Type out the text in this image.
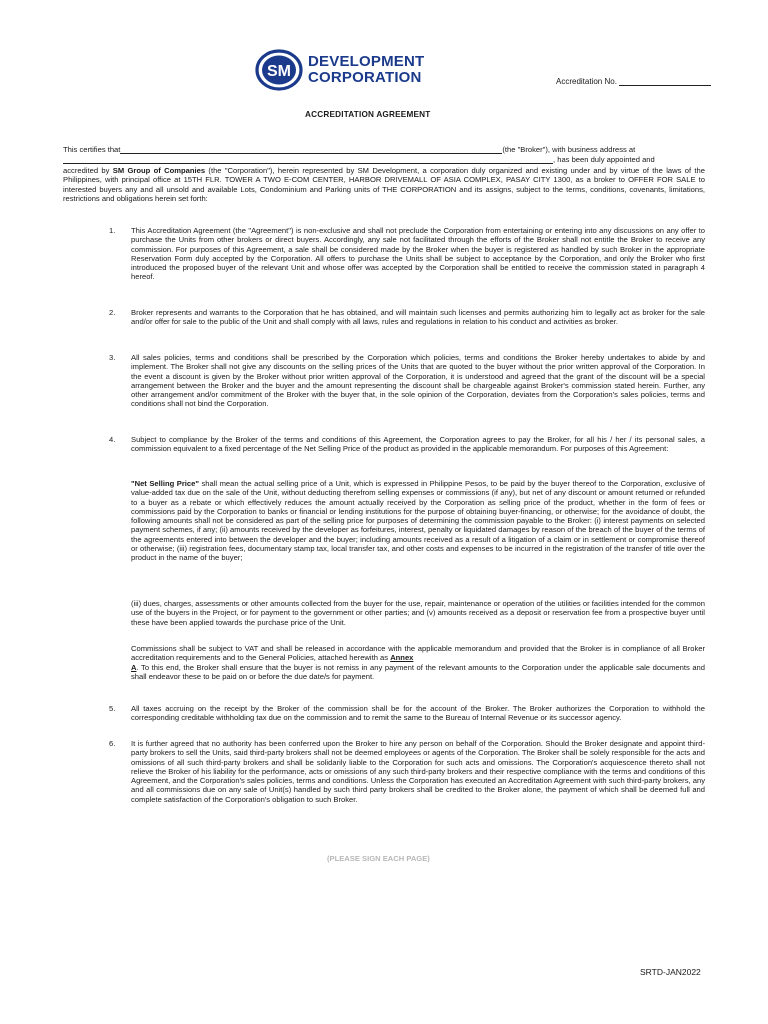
SM
DEVELOPMENT
CORPORATION	Accreditation No.
ACCREDITATION AGREEMENT
This certifies that	(the "Broker"), with business address at
, has been duly appointed and
accredited by SM Group of Companies (the "Corporation"), herein represented by SM Development, a corporation duly organized and existing under and by virtue of the laws of the Philippines, with principal office at 15TH FLR. TOWER A TWO E-COM CENTER, HARBOR DRIVEMALL OF ASIA COMPLEX, PASAY CITY 1300, as a broker to OFFER FOR SALE to interested buyers any and all unsold and available Lots, Condominium and Parking units of THE CORPORATION and its assigns, subject to the terms, conditions, covenants, limitations, restrictions and obligations herein set forth:
1. This Accreditation Agreement (the "Agreement") is non-exclusive and shall not preclude the Corporation from entertaining or entering into any discussions on any offer to purchase the Units from other brokers or direct buyers. Accordingly, any sale not facilitated through the efforts of the Broker shall not entitle the Broker to receive any commission. For purposes of this Agreement, a sale shall be considered made by the Broker when the buyer is registered as handled by such Broker in the appropriate Reservation Form duly accepted by the Corporation. All offers to purchase the Units shall be subject to acceptance by the Corporation, and only the Broker who first introduced the proposed buyer of the relevant Unit and whose offer was accepted by the Corporation shall be entitled to receive the commission stated in paragraph 4 hereof.
2. Broker represents and warrants to the Corporation that he has obtained, and will maintain such licenses and permits authorizing him to legally act as broker for the sale and/or offer for sale to the public of the Unit and shall comply with all laws, rules and regulations in relation to his conduct and activities as broker.
3. All sales policies, terms and conditions shall be prescribed by the Corporation which policies, terms and conditions the Broker hereby undertakes to abide by and implement. The Broker shall not give any discounts on the selling prices of the Units that are quoted to the buyer without the prior written approval of the Corporation. In the event a discount is given by the Broker without prior written approval of the Corporation, it is understood and agreed that the grant of the discount will be a special arrangement between the Broker and the buyer and the amount representing the discount shall be chargeable against Broker's commission stated herein. Further, any other arrangement and/or commitment of the Broker with the buyer that, in the sole opinion of the Corporation, deviates from the Corporation's sales policies, terms and conditions shall not bind the Corporation.
4. Subject to compliance by the Broker of the terms and conditions of this Agreement, the Corporation agrees to pay the Broker, for all his / her / its personal sales, a commission equivalent to a fixed percentage of the Net Selling Price of the product as provided in the applicable memorandum. For purposes of this Agreement:
"Net Selling Price" shall mean the actual selling price of a Unit, which is expressed in Philippine Pesos, to be paid by the buyer thereof to the Corporation, exclusive of value-added tax due on the sale of the Unit, without deducting therefrom selling expenses or commissions (if any), but net of any discount or amount returned or refunded to a buyer as a rebate or which effectively reduces the amount actually received by the Corporation as selling price of the product, whether in the form of fees or commissions paid by the Corporation to banks or financial or lending institutions for the purpose of obtaining buyer-financing, or otherwise; for the avoidance of doubt, the following amounts shall not be considered as part of the selling price for purposes of determining the commission payable to the Broker: (i) interest payments on selected payment schemes, if any; (ii) amounts received by the developer as forfeitures, interest, penalty or liquidated damages by reason of the breach of the buyer of the terms of the agreements entered into between the developer and the buyer; including amounts received as a result of a litigation of a claim or in settlement or compromise thereof or otherwise; (iii) registration fees, documentary stamp tax, local transfer tax, and other costs and expenses to be incurred in the registration of the transfer of title over the product in the name of the buyer;
(iii) dues, charges, assessments or other amounts collected from the buyer for the use, repair, maintenance or operation of the utilities or facilities intended for the common use of the buyers in the Project, or for payment to the government or other parties; and (v) amounts received as a deposit or reservation fee from a prospective buyer until these have been applied towards the purchase price of the Unit.
Commissions shall be subject to VAT and shall be released in accordance with the applicable memorandum and provided that the Broker is in compliance of all Broker accreditation requirements and to the General Policies, attached herewith as Annex
A. To this end, the Broker shall ensure that the buyer is not remiss in any payment of the relevant amounts to the Corporation under the applicable sale documents and shall endeavor these to be paid on or before the due date/s for payment.
5. All taxes accruing on the receipt by the Broker of the commission shall be for the account of the Broker. The Broker authorizes the Corporation to withhold the corresponding creditable withholding tax due on the commission and to remit the same to the Bureau of Internal Revenue or its successor agency.
6. It is further agreed that no authority has been conferred upon the Broker to hire any person on behalf of the Corporation. Should the Broker designate and appoint third-party brokers to sell the Units, said third-party brokers shall not be deemed employees or agents of the Corporation. The Broker shall be solely responsible for the acts and omissions of all such third-party brokers and shall be solidarily liable to the Corporation for such acts and omissions. The Corporation's acquiescence thereto shall not relieve the Broker of his liability for the performance, acts or omissions of any such third-party brokers and their respective compliance with the terms and conditions of this Agreement, and the Corporation's sales policies, terms and conditions. Unless the Corporation has executed an Accreditation Agreement with such third-party brokers, any and all commissions due on any sale of Unit(s) handled by such third party brokers shall be credited to the Broker alone, the payment of which shall be deemed full and complete satisfaction of the Corporation's obligation to such Broker.
(PLEASE SIGN EACH PAGE)
SRTD-JAN2022
